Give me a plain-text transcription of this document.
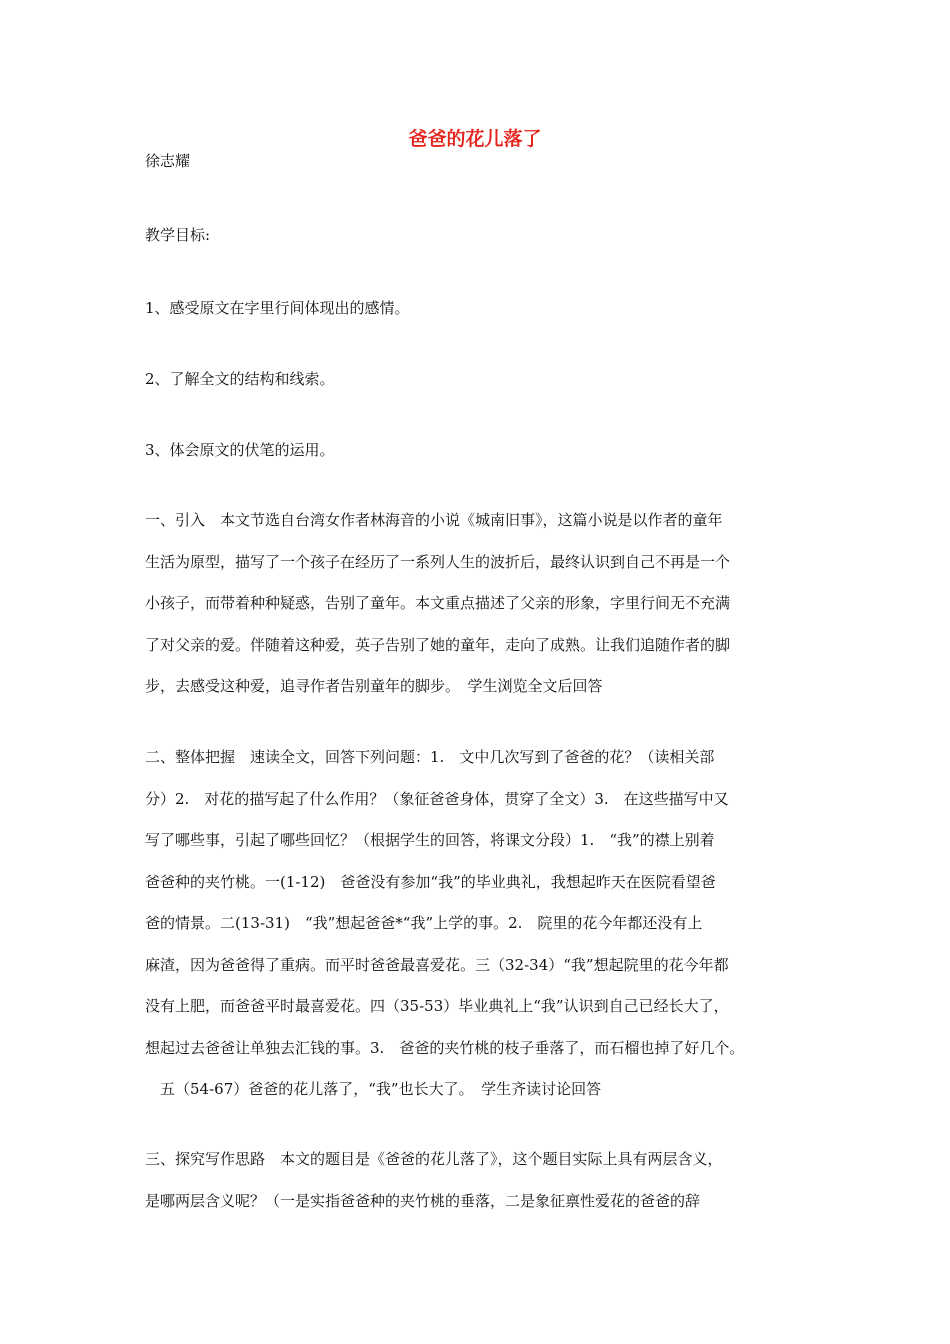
爸爸的花儿落了
徐志耀
教学目标:
1、感受原文在字里行间体现出的感情。
2、了解全文的结构和线索。
3、体会原文的伏笔的运用。
一、引入　本文节选自台湾女作者林海音的小说《城南旧事》，这篇小说是以作者的童年
生活为原型，描写了一个孩子在经历了一系列人生的波折后，最终认识到自己不再是一个
小孩子，而带着种种疑惑，告别了童年。本文重点描述了父亲的形象，字里行间无不充满
了对父亲的爱。伴随着这种爱，英子告别了她的童年，走向了成熟。让我们追随作者的脚
步，去感受这种爱，追寻作者告别童年的脚步。　学生浏览全文后回答
二、整体把握　速读全文，回答下列问题：1.　文中几次写到了爸爸的花？（读相关部
分）2.　对花的描写起了什么作用？（象征爸爸身体，贯穿了全文）3.　在这些描写中又
写了哪些事，引起了哪些回忆？（根据学生的回答，将课文分段）1.　“我”的襟上别着
爸爸种的夹竹桃。一(1-12)　爸爸没有参加“我”的毕业典礼，我想起昨天在医院看望爸
爸的情景。二(13-31)　“我”想起爸爸*“我”上学的事。2.　院里的花今年都还没有上
麻渣，因为爸爸得了重病。而平时爸爸最喜爱花。三（32-34）“我”想起院里的花今年都
没有上肥，而爸爸平时最喜爱花。四（35-53）毕业典礼上“我”认识到自己已经长大了，
想起过去爸爸让单独去汇钱的事。3.　爸爸的夹竹桃的枝子垂落了，而石榴也掉了好几个。
　五（54-67）爸爸的花儿落了，“我”也长大了。　学生齐读讨论回答
三、探究写作思路　本文的题目是《爸爸的花儿落了》，这个题目实际上具有两层含义，
是哪两层含义呢？（一是实指爸爸种的夹竹桃的垂落，二是象征禀性爱花的爸爸的辞
